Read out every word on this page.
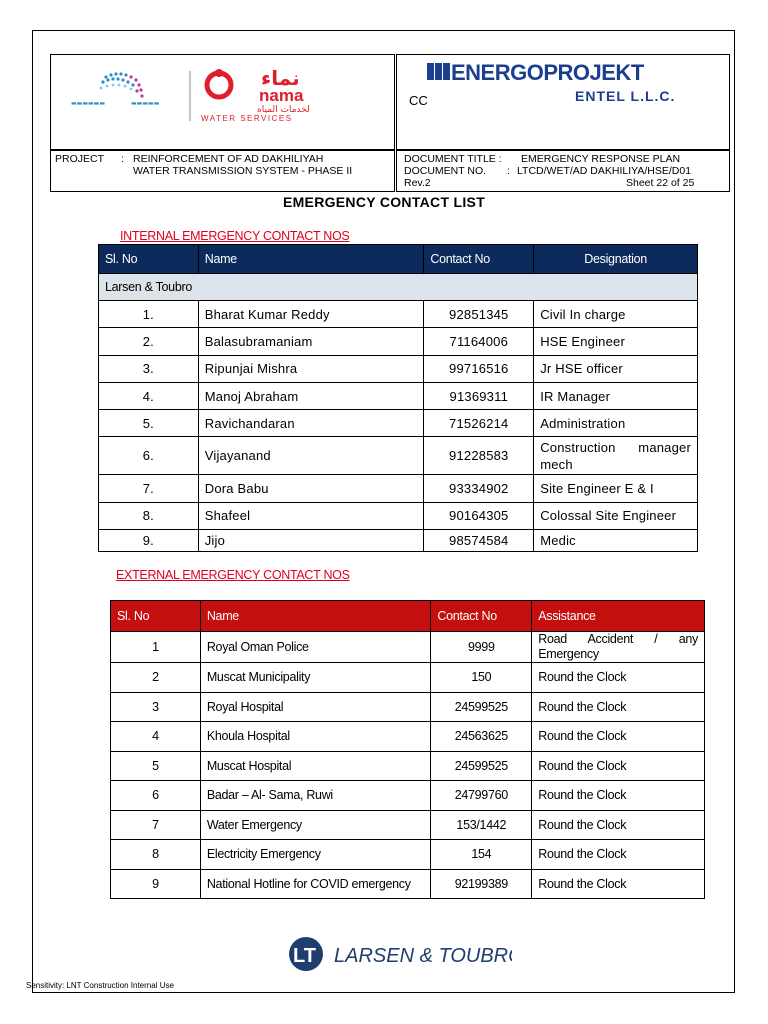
▬▬▬▬▬▬	▬▬▬▬▬
نماء
nama
لخدمات المياه
WATER SERVICES
ENERGOPROJEKT
ENTEL L.L.C.
CC
PROJECT : REINFORCEMENT OF AD DAKHILIYAH
WATER TRANSMISSION SYSTEM - PHASE II
DOCUMENT TITLE : EMERGENCY RESPONSE PLAN
DOCUMENT NO. : LTCD/WET/AD DAKHILIYA/HSE/D01
Rev.2	Sheet 22 of 25
EMERGENCY CONTACT LIST
INTERNAL EMERGENCY CONTACT NOS
Sl. No	Name	Contact No	Designation
Larsen & Toubro			
1.	Bharat Kumar Reddy	92851345	Civil In charge
2.	Balasubramaniam	71164006	HSE Engineer
3.	Ripunjai Mishra	99716516	Jr HSE officer
4.	Manoj Abraham	91369311	IR Manager
5.	Ravichandaran	71526214	Administration
6.	Vijayanand	91228583	Construction manager mech
7.	Dora Babu	93334902	Site Engineer E & I
8.	Shafeel	90164305	Colossal Site Engineer
9.	Jijo	98574584	Medic
EXTERNAL EMERGENCY CONTACT NOS
Sl. No	Name	Contact No	Assistance
1	Royal Oman Police	9999	Road Accident / any Emergency
2	Muscat Municipality	150	Round the Clock
3	Royal Hospital	24599525	Round the Clock
4	Khoula Hospital	24563625	Round the Clock
5	Muscat Hospital	24599525	Round the Clock
6	Badar – Al- Sama, Ruwi	24799760	Round the Clock
7	Water Emergency	153/1442	Round the Clock
8	Electricity Emergency	154	Round the Clock
9	National Hotline for COVID emergency	92199389	Round the Clock
LT LARSEN & TOUBRO
Sensitivity: LNT Construction Internal Use
